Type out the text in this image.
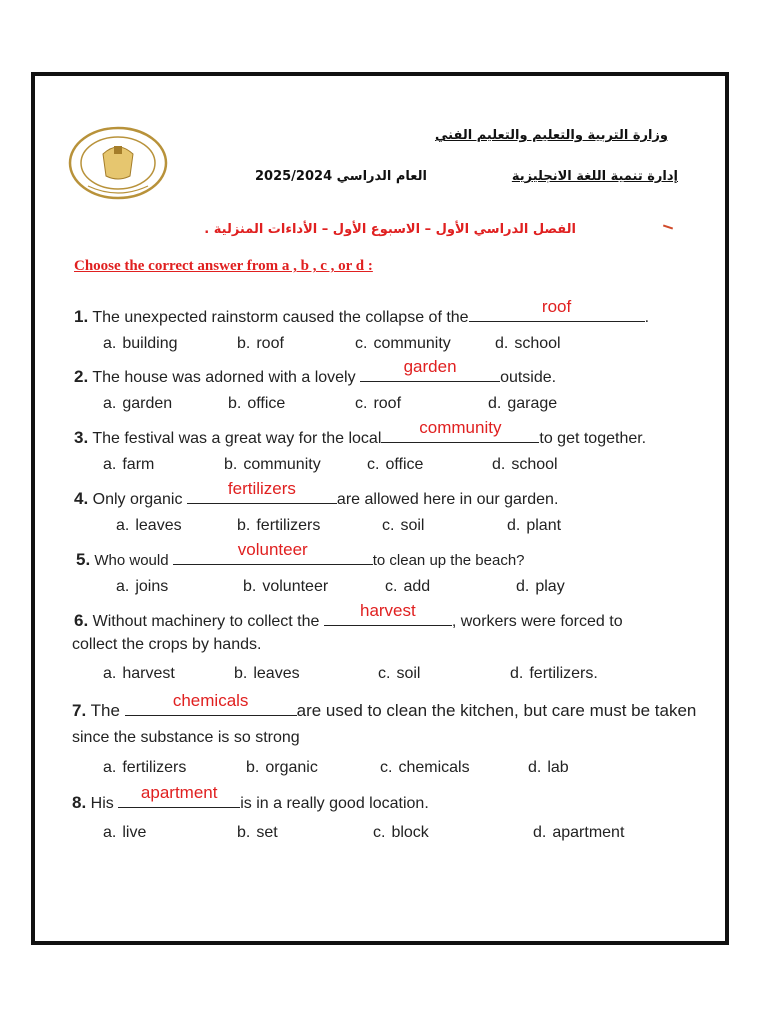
وزارة التربية والتعليم والتعليم الفني
إدارة تنمية اللغة الانجليزية
العام الدراسي 2025/2024
الفصل الدراسي الأول – الاسبوع الأول – الأداءات المنزلية .
Choose the correct answer from a , b , c , or d :
1. The unexpected rainstorm caused the collapse of the
roof
.
a. building	b. roof	c. community	d. school
2. The house was adorned with a lovely
garden
outside.
a. garden	b. office	c. roof	d. garage
3. The festival was a great way for the local
community
to get together.
a. farm	b. community	c. office	d. school
4. Only organic
fertilizers
are allowed here in our garden.
a. leaves	b. fertilizers	c. soil	d. plant
5. Who would
volunteer
to clean up the beach?
a. joins	b. volunteer	c. add	d. play
6. Without machinery to collect the
harvest
, workers were forced to
collect the crops by hands.
a. harvest	b. leaves	c. soil	d. fertilizers.
7. The
chemicals
are used to clean the kitchen, but care must be taken
since the substance is so strong
a. fertilizers	b. organic	c. chemicals	d. lab
8. His
apartment
is in a really good location.
a. live	b. set	c. block	d. apartment
